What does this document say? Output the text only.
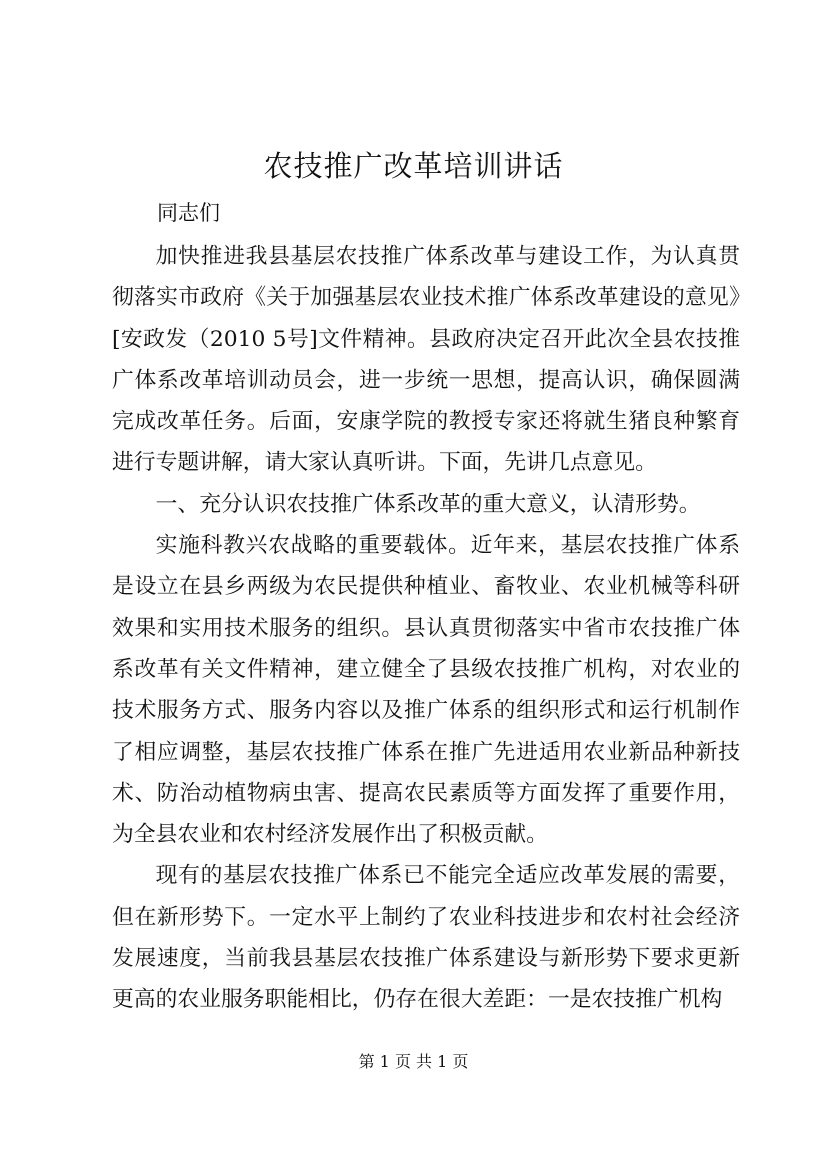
农技推广改革培训讲话

同志们

加快推进我县基层农技推广体系改革与建设工作，为认真贯彻落实市政府《关于加强基层农业技术推广体系改革建设的意见》[安政发（2010 5号]文件精神。县政府决定召开此次全县农技推广体系改革培训动员会，进一步统一思想，提高认识，确保圆满完成改革任务。后面，安康学院的教授专家还将就生猪良种繁育进行专题讲解，请大家认真听讲。下面，先讲几点意见。

一、充分认识农技推广体系改革的重大意义，认清形势。

实施科教兴农战略的重要载体。近年来，基层农技推广体系是设立在县乡两级为农民提供种植业、畜牧业、农业机械等科研效果和实用技术服务的组织。县认真贯彻落实中省市农技推广体系改革有关文件精神，建立健全了县级农技推广机构，对农业的技术服务方式、服务内容以及推广体系的组织形式和运行机制作了相应调整，基层农技推广体系在推广先进适用农业新品种新技术、防治动植物病虫害、提高农民素质等方面发挥了重要作用，为全县农业和农村经济发展作出了积极贡献。

现有的基层农技推广体系已不能完全适应改革发展的需要，但在新形势下。一定水平上制约了农业科技进步和农村社会经济发展速度，当前我县基层农技推广体系建设与新形势下要求更新更高的农业服务职能相比，仍存在很大差距：一是农技推广机构

第 1 页 共 1 页
